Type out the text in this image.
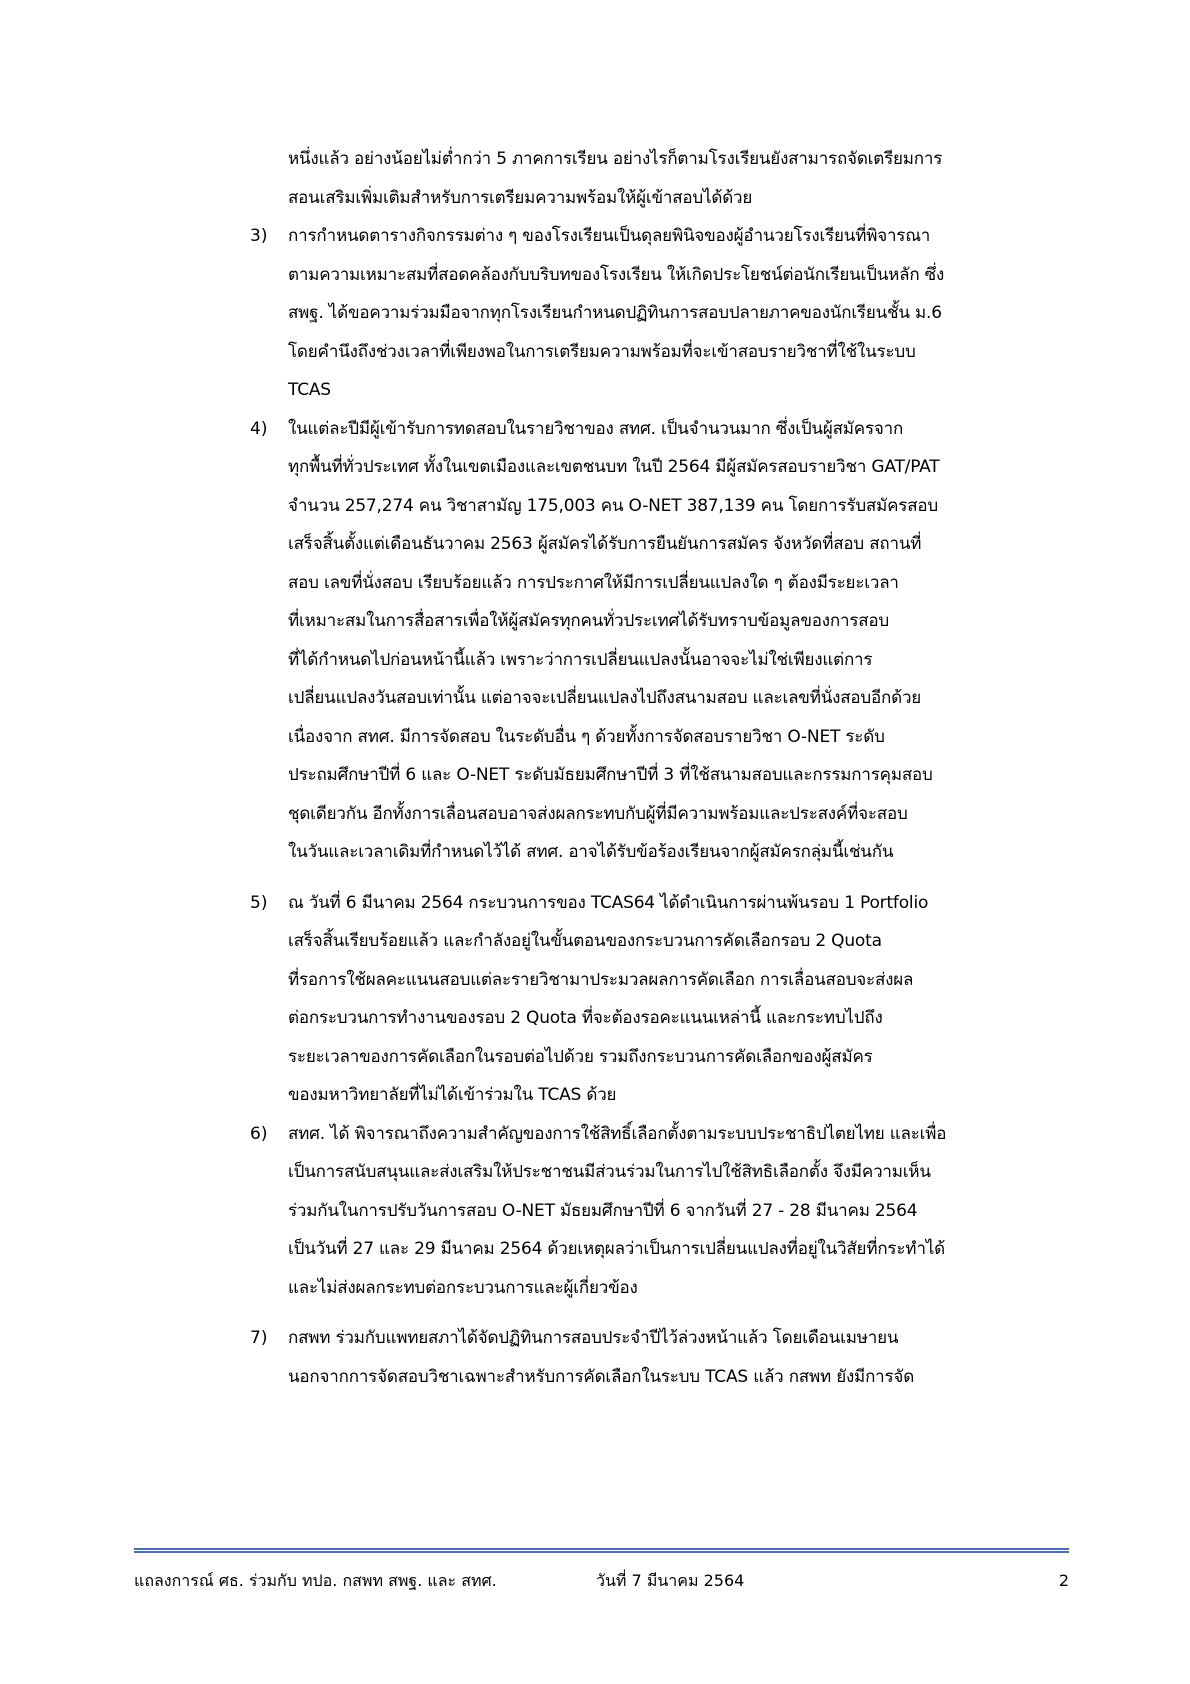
หนึ่งแล้ว อย่างน้อยไม่ต่ำกว่า 5 ภาคการเรียน อย่างไรก็ตามโรงเรียนยังสามารถจัดเตรียมการ
สอนเสริมเพิ่มเติมสำหรับการเตรียมความพร้อมให้ผู้เข้าสอบได้ด้วย
3) การกำหนดตารางกิจกรรมต่าง ๆ ของโรงเรียนเป็นดุลยพินิจของผู้อำนวยโรงเรียนที่พิจารณา
ตามความเหมาะสมที่สอดคล้องกับบริบทของโรงเรียน ให้เกิดประโยชน์ต่อนักเรียนเป็นหลัก ซึ่ง
สพฐ. ได้ขอความร่วมมือจากทุกโรงเรียนกำหนดปฏิทินการสอบปลายภาคของนักเรียนชั้น ม.6
โดยคำนึงถึงช่วงเวลาที่เพียงพอในการเตรียมความพร้อมที่จะเข้าสอบรายวิชาที่ใช้ในระบบ
TCAS
4) ในแต่ละปีมีผู้เข้ารับการทดสอบในรายวิชาของ สทศ. เป็นจำนวนมาก ซึ่งเป็นผู้สมัครจาก
ทุกพื้นที่ทั่วประเทศ ทั้งในเขตเมืองและเขตชนบท ในปี 2564 มีผู้สมัครสอบรายวิชา GAT/PAT
จำนวน 257,274 คน วิชาสามัญ 175,003 คน O-NET 387,139 คน โดยการรับสมัครสอบ
เสร็จสิ้นตั้งแต่เดือนธันวาคม 2563 ผู้สมัครได้รับการยืนยันการสมัคร จังหวัดที่สอบ สถานที่
สอบ เลขที่นั่งสอบ เรียบร้อยแล้ว การประกาศให้มีการเปลี่ยนแปลงใด ๆ ต้องมีระยะเวลา
ที่เหมาะสมในการสื่อสารเพื่อให้ผู้สมัครทุกคนทั่วประเทศได้รับทราบข้อมูลของการสอบ
ที่ได้กำหนดไปก่อนหน้านี้แล้ว เพราะว่าการเปลี่ยนแปลงนั้นอาจจะไม่ใช่เพียงแต่การ
เปลี่ยนแปลงวันสอบเท่านั้น แต่อาจจะเปลี่ยนแปลงไปถึงสนามสอบ และเลขที่นั่งสอบอีกด้วย
เนื่องจาก สทศ. มีการจัดสอบ ในระดับอื่น ๆ ด้วยทั้งการจัดสอบรายวิชา O-NET ระดับ
ประถมศึกษาปีที่ 6 และ O-NET ระดับมัธยมศึกษาปีที่ 3 ที่ใช้สนามสอบและกรรมการคุมสอบ
ชุดเดียวกัน อีกทั้งการเลื่อนสอบอาจส่งผลกระทบกับผู้ที่มีความพร้อมและประสงค์ที่จะสอบ
ในวันและเวลาเดิมที่กำหนดไว้ได้ สทศ. อาจได้รับข้อร้องเรียนจากผู้สมัครกลุ่มนี้เช่นกัน
5) ณ วันที่ 6 มีนาคม 2564 กระบวนการของ TCAS64 ได้ดำเนินการผ่านพ้นรอบ 1 Portfolio
เสร็จสิ้นเรียบร้อยแล้ว และกำลังอยู่ในขั้นตอนของกระบวนการคัดเลือกรอบ 2 Quota
ที่รอการใช้ผลคะแนนสอบแต่ละรายวิชามาประมวลผลการคัดเลือก การเลื่อนสอบจะส่งผล
ต่อกระบวนการทำงานของรอบ 2 Quota ที่จะต้องรอคะแนนเหล่านี้ และกระทบไปถึง
ระยะเวลาของการคัดเลือกในรอบต่อไปด้วย รวมถึงกระบวนการคัดเลือกของผู้สมัคร
ของมหาวิทยาลัยที่ไม่ได้เข้าร่วมใน TCAS ด้วย
6) สทศ. ได้ พิจารณาถึงความสำคัญของการใช้สิทธิ์เลือกตั้งตามระบบประชาธิปไตยไทย และเพื่อ
เป็นการสนับสนุนและส่งเสริมให้ประชาชนมีส่วนร่วมในการไปใช้สิทธิเลือกตั้ง จึงมีความเห็น
ร่วมกันในการปรับวันการสอบ O-NET มัธยมศึกษาปีที่ 6 จากวันที่ 27 - 28 มีนาคม 2564
เป็นวันที่ 27 และ 29 มีนาคม 2564 ด้วยเหตุผลว่าเป็นการเปลี่ยนแปลงที่อยู่ในวิสัยที่กระทำได้
และไม่ส่งผลกระทบต่อกระบวนการและผู้เกี่ยวข้อง
7) กสพท ร่วมกับแพทยสภาได้จัดปฏิทินการสอบประจำปีไว้ล่วงหน้าแล้ว โดยเดือนเมษายน
นอกจากการจัดสอบวิชาเฉพาะสำหรับการคัดเลือกในระบบ TCAS แล้ว กสพท ยังมีการจัด
แถลงการณ์ ศธ. ร่วมกับ ทปอ. กสพท สพฐ. และ สทศ.	วันที่ 7 มีนาคม 2564	2
